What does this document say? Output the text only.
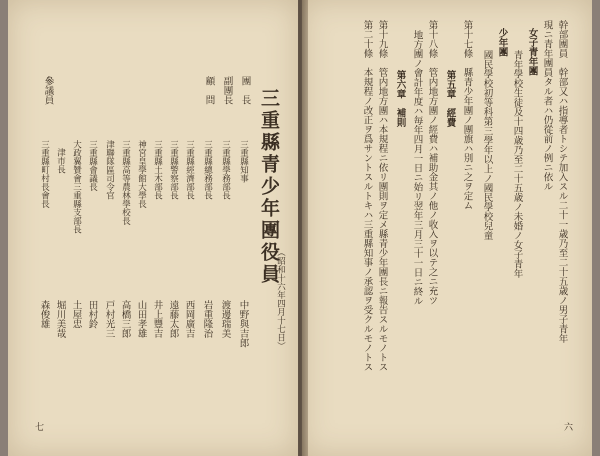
幹部團員　幹部又ハ指導者トシテ加入スル二十一歳乃至二十五歳ノ男子青年
現ニ青年團員タル者ハ仍從前ノ例ニ依ル
女子青年團
青年學校生徒及十四歳乃至二十五歳ノ未婚ノ女子青年
少年團
國民學校初等科第三學年以上ノ國民學校兒童
第十七條　縣青少年團ノ團旗ハ別ニ之ヲ定ム
第五章　經費
第十八條　管内地方團ノ經費ハ補助金其ノ他ノ收入ヲ以テ之ニ充ツ
地方團ノ會計年度ハ毎年四月一日ニ始リ翌年三月三十一日ニ終ル
第六章　補則
第十九條　管内地方團ハ本規程ニ依リ團則ヲ定メ縣青少年團長ニ報告スルモノトス
第二十條　本規程ノ改正ヲ爲サントスルトキハ三重縣知事ノ承認ヲ受クルモノトス
六
三重縣青少年團役員
（昭和十六年四月十七日）
團　長
副團長
顧　問
參議員
三重縣知事
三重縣學務部長
三重縣總務部長
三重縣經濟部長
三重縣警察部長
三重縣土木部長
神宮皇學館大學長
三重縣高等農林學校長
津聯隊區司令官
三重縣會議長
大政翼贊會三重縣支部長
津市長
三重縣町村長會長
中野與吉郎
渡邊瑞美
岩重隆治
西岡廣吉
遠藤太郎
井上豐吉
山田孝雄
高橋三郎
戸村光三
田村鈴
土屋忠
堀川美哉
森俊雄
七
